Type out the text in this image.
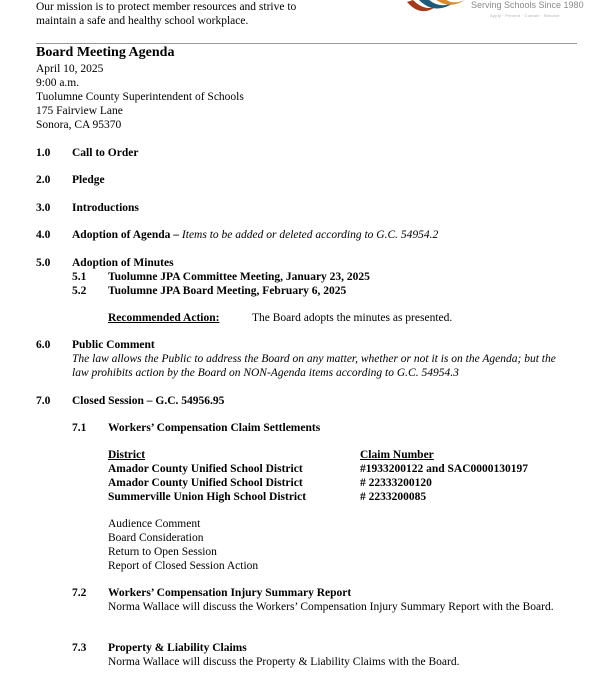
Our mission is to protect member resources and strive to maintain a safe and healthy school workplace.
Serving Schools Since 1980
Apply · Prevent · Contain · Resolve
Board Meeting Agenda
April 10, 2025
9:00 a.m.
Tuolumne County Superintendent of Schools
175 Fairview Lane
Sonora, CA 95370
1.0 Call to Order
2.0 Pledge
3.0 Introductions
4.0 Adoption of Agenda – Items to be added or deleted according to G.C. 54954.2
5.0 Adoption of Minutes
5.1 Tuolumne JPA Committee Meeting, January 23, 2025
5.2 Tuolumne JPA Board Meeting, February 6, 2025
Recommended Action:	The Board adopts the minutes as presented.
6.0 Public Comment
The law allows the Public to address the Board on any matter, whether or not it is on the Agenda; but the law prohibits action by the Board on NON-Agenda items according to G.C. 54954.3
7.0 Closed Session – G.C. 54956.95
7.1 Workers’ Compensation Claim Settlements
District	Claim Number
Amador County Unified School District	#1933200122 and SAC0000130197
Amador County Unified School District	# 22333200120
Summerville Union High School District	# 2233200085
Audience Comment
Board Consideration
Return to Open Session
Report of Closed Session Action
7.2 Workers’ Compensation Injury Summary Report
Norma Wallace will discuss the Workers’ Compensation Injury Summary Report with the Board.
7.3 Property & Liability Claims
Norma Wallace will discuss the Property & Liability Claims with the Board.
